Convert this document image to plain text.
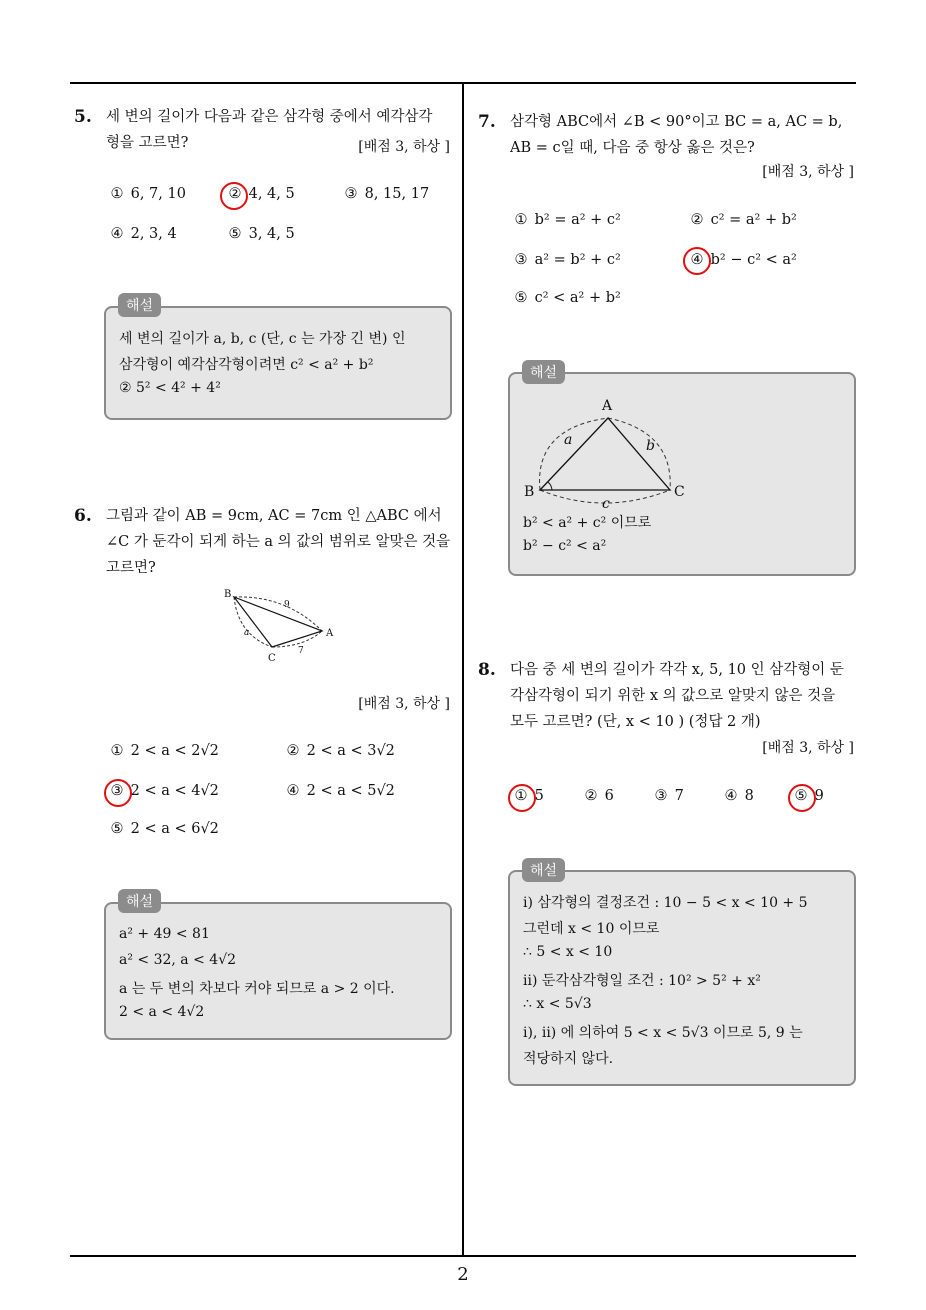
2
5. 세 변의 길이가 다음과 같은 삼각형 중에서 예각삼각
형을 고르면?	[배점 3, 하상 ]
① 6, 7, 10	② 4, 4, 5	③ 8, 15, 17
④ 2, 3, 4	⑤ 3, 4, 5
세 변의 길이가 a, b, c (단, c 는 가장 긴 변) 인
삼각형이 예각삼각형이려면 c² < a² + b²
② 5² < 4² + 4²
해설
6. 그림과 같이 AB = 9cm, AC = 7cm 인 △ABC 에서
∠C 가 둔각이 되게 하는 a 의 값의 범위로 알맞은 것을
고르면?
B
A
C
9
a
7
[배점 3, 하상 ]
① 2 < a < 2√2	② 2 < a < 3√2
③ 2 < a < 4√2	④ 2 < a < 5√2
⑤ 2 < a < 6√2
a² + 49 < 81
a² < 32, a < 4√2
a 는 두 변의 차보다 커야 되므로 a > 2 이다.
2 < a < 4√2
해설
7. 삼각형 ABC에서 ∠B < 90°이고 BC = a, AC = b,
AB = c일 때, 다음 중 항상 옳은 것은?
[배점 3, 하상 ]
① b² = a² + c²	② c² = a² + b²
③ a² = b² + c²	④ b² − c² < a²
⑤ c² < a² + b²
A
B	C
a	b
c
b² < a² + c² 이므로
b² − c² < a²
해설
8. 다음 중 세 변의 길이가 각각 x, 5, 10 인 삼각형이 둔
각삼각형이 되기 위한 x 의 값으로 알맞지 않은 것을
모두 고르면? (단, x < 10 ) (정답 2 개)
[배점 3, 하상 ]
① 5	② 6	③ 7	④ 8	⑤ 9
ⅰ) 삼각형의 결정조건 : 10 − 5 < x < 10 + 5
그런데 x < 10 이므로
∴ 5 < x < 10
ⅱ) 둔각삼각형일 조건 : 10² > 5² + x²
∴ x < 5√3
ⅰ), ⅱ) 에 의하여 5 < x < 5√3 이므로 5, 9 는
적당하지 않다.
해설
